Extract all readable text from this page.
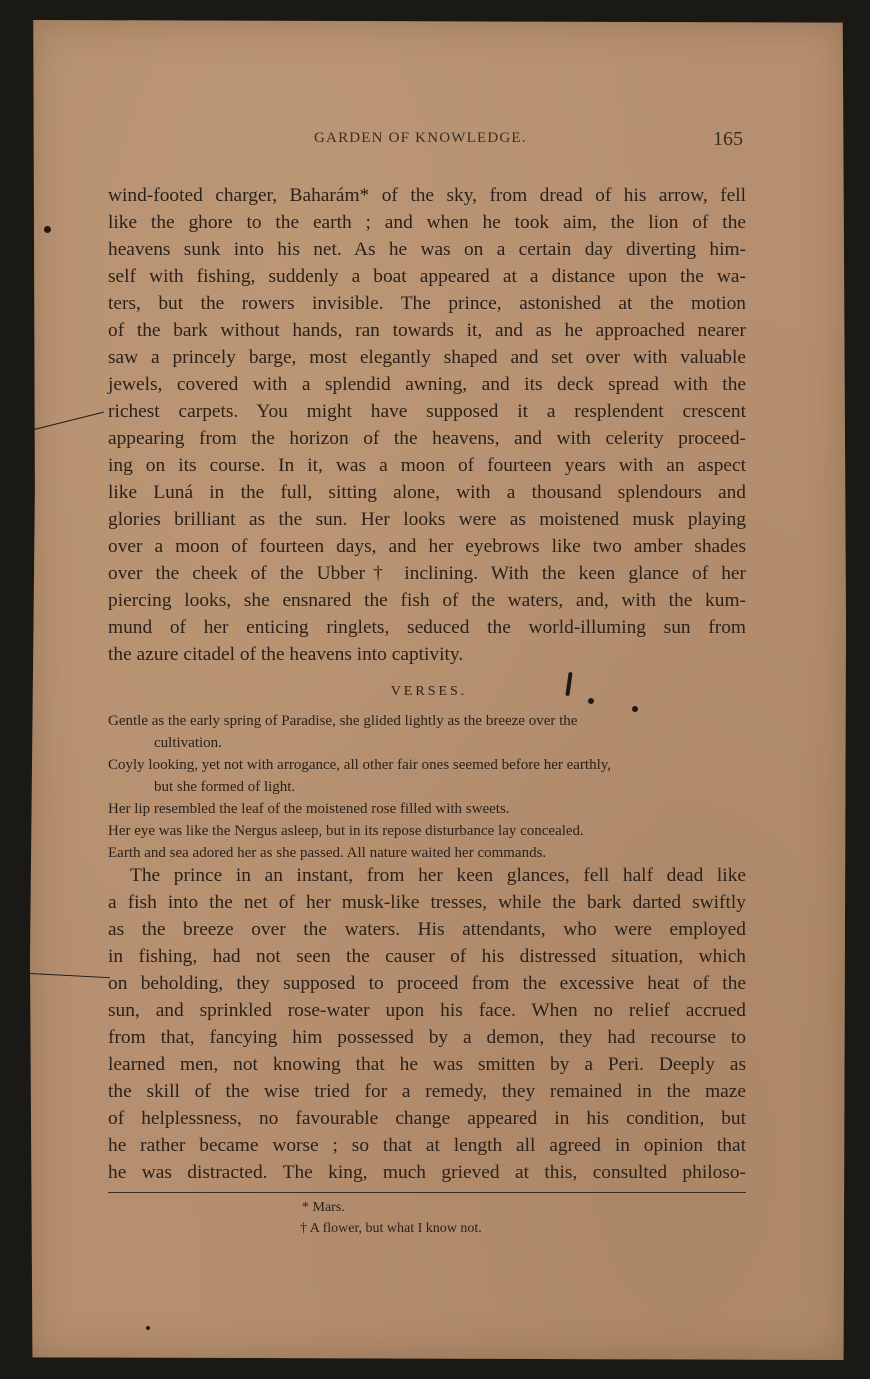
GARDEN OF KNOWLEDGE.	165
wind-footed charger, Baharám* of the sky, from dread of his arrow, fell
like the ghore to the earth ; and when he took aim, the lion of the
heavens sunk into his net. As he was on a certain day diverting him-
self with fishing, suddenly a boat appeared at a distance upon the wa-
ters, but the rowers invisible. The prince, astonished at the motion
of the bark without hands, ran towards it, and as he approached nearer
saw a princely barge, most elegantly shaped and set over with valuable
jewels, covered with a splendid awning, and its deck spread with the
richest carpets. You might have supposed it a resplendent crescent
appearing from the horizon of the heavens, and with celerity proceed-
ing on its course. In it, was a moon of fourteen years with an aspect
like Luná in the full, sitting alone, with a thousand splendours and
glories brilliant as the sun. Her looks were as moistened musk playing
over a moon of fourteen days, and her eyebrows like two amber shades
over the cheek of the Ubber† inclining. With the keen glance of her
piercing looks, she ensnared the fish of the waters, and, with the kum-
mund of her enticing ringlets, seduced the world-illuming sun from
the azure citadel of the heavens into captivity.
VERSES.
Gentle as the early spring of Paradise, she glided lightly as the breeze over the
cultivation.
Coyly looking, yet not with arrogance, all other fair ones seemed before her earthly,
but she formed of light.
Her lip resembled the leaf of the moistened rose filled with sweets.
Her eye was like the Nergus asleep, but in its repose disturbance lay concealed.
Earth and sea adored her as she passed. All nature waited her commands.
The prince in an instant, from her keen glances, fell half dead like
a fish into the net of her musk-like tresses, while the bark darted swiftly
as the breeze over the waters. His attendants, who were employed
in fishing, had not seen the causer of his distressed situation, which
on beholding, they supposed to proceed from the excessive heat of the
sun, and sprinkled rose-water upon his face. When no relief accrued
from that, fancying him possessed by a demon, they had recourse to
learned men, not knowing that he was smitten by a Peri. Deeply as
the skill of the wise tried for a remedy, they remained in the maze
of helplessness, no favourable change appeared in his condition, but
he rather became worse ; so that at length all agreed in opinion that
he was distracted. The king, much grieved at this, consulted philoso-
* Mars.
† A flower, but what I know not.
